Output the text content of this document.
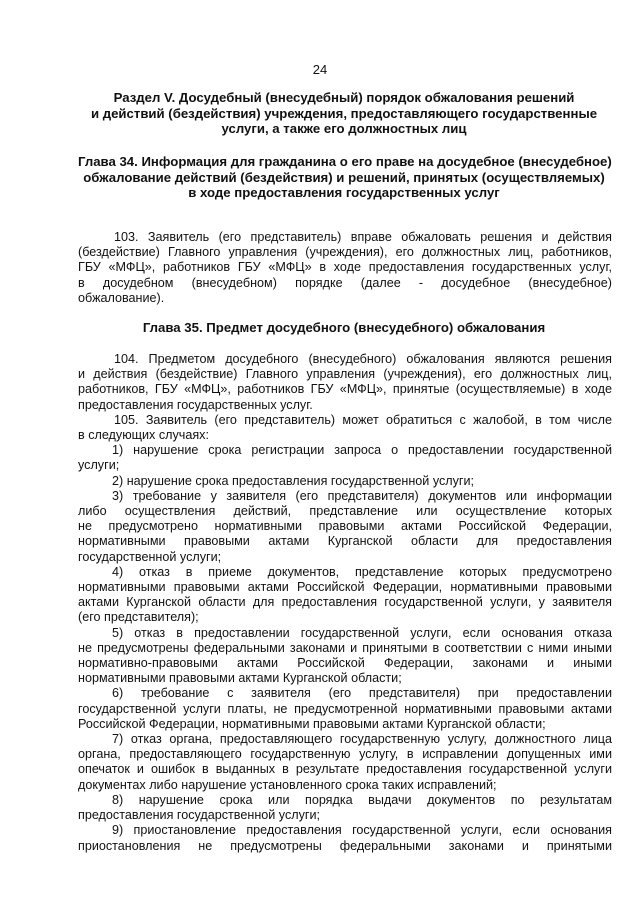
24
Раздел V. Досудебный (внесудебный) порядок обжалования решений
и действий (бездействия) учреждения, предоставляющего государственные
услуги, а также его должностных лиц
Глава 34. Информация для гражданина о его праве на досудебное (внесудебное)
обжалование действий (бездействия) и решений, принятых (осуществляемых)
в ходе предоставления государственных услуг
103. Заявитель (его представитель) вправе обжаловать решения и действия
(бездействие) Главного управления (учреждения), его должностных лиц, работников,
ГБУ «МФЦ», работников ГБУ «МФЦ» в ходе предоставления государственных услуг,
в досудебном (внесудебном) порядке (далее - досудебное (внесудебное)
обжалование).
Глава 35. Предмет досудебного (внесудебного) обжалования
104. Предметом досудебного (внесудебного) обжалования являются решения
и действия (бездействие) Главного управления (учреждения), его должностных лиц,
работников, ГБУ «МФЦ», работников ГБУ «МФЦ», принятые (осуществляемые) в ходе
предоставления государственных услуг.
105. Заявитель (его представитель) может обратиться с жалобой, в том числе
в следующих случаях:
1) нарушение срока регистрации запроса о предоставлении государственной
услуги;
2) нарушение срока предоставления государственной услуги;
3) требование у заявителя (его представителя) документов или информации
либо осуществления действий, представление или осуществление которых
не предусмотрено нормативными правовыми актами Российской Федерации,
нормативными правовыми актами Курганской области для предоставления
государственной услуги;
4) отказ в приеме документов, представление которых предусмотрено
нормативными правовыми актами Российской Федерации, нормативными правовыми
актами Курганской области для предоставления государственной услуги, у заявителя
(его представителя);
5) отказ в предоставлении государственной услуги, если основания отказа
не предусмотрены федеральными законами и принятыми в соответствии с ними иными
нормативно-правовыми актами Российской Федерации, законами и иными
нормативными правовыми актами Курганской области;
6) требование с заявителя (его представителя) при предоставлении
государственной услуги платы, не предусмотренной нормативными правовыми актами
Российской Федерации, нормативными правовыми актами Курганской области;
7) отказ органа, предоставляющего государственную услугу, должностного лица
органа, предоставляющего государственную услугу, в исправлении допущенных ими
опечаток и ошибок в выданных в результате предоставления государственной услуги
документах либо нарушение установленного срока таких исправлений;
8) нарушение срока или порядка выдачи документов по результатам
предоставления государственной услуги;
9) приостановление предоставления государственной услуги, если основания
приостановления не предусмотрены федеральными законами и принятыми
